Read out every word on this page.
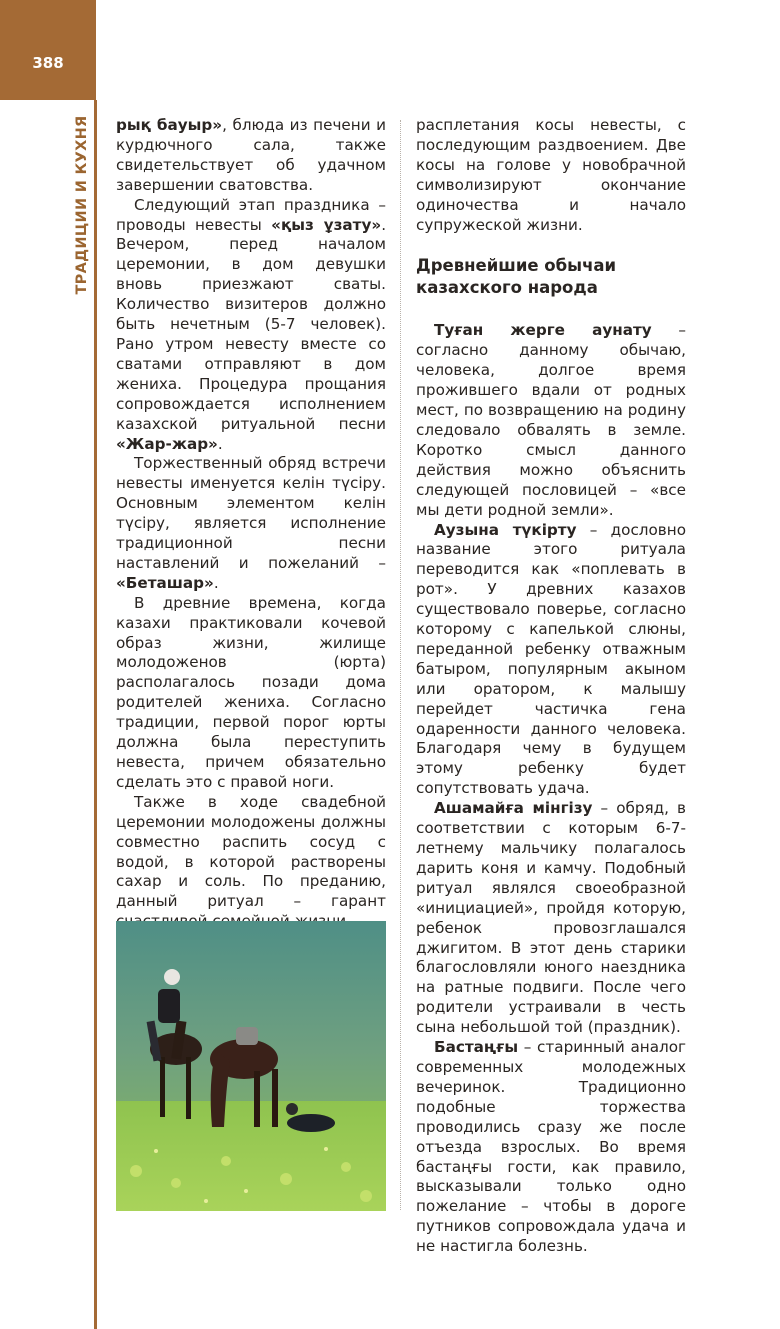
388
ТРАДИЦИИ И КУХНЯ рық бауыр», блюда из печени и курдючного сала, также свидетельствует об удачном завершении сватовства.

Следующий этап праздника – проводы невесты «қыз ұзату». Вечером, перед началом церемонии, в дом девушки вновь приезжают сваты. Количество визитеров должно быть нечетным (5-7 человек). Рано утром невесту вместе со сватами отправляют в дом жениха. Процедура прощания сопровождается исполнением казахской ритуальной песни «Жар-жар».

Торжественный обряд встречи невесты именуется келін түсіру. Основным элементом келін түсіру, является исполнение традиционной песни наставлений и пожеланий – «Беташар».

В древние времена, когда казахи практиковали кочевой образ жизни, жилище молодоженов (юрта) располагалось позади дома родителей жениха. Согласно традиции, первой порог юрты должна была переступить невеста, причем обязательно сделать это с правой ноги.

Также в ходе свадебной церемонии молодожены должны совместно распить сосуд с водой, в которой растворены сахар и соль. По преданию, данный ритуал – гарант

расплетания косы невесты, с последующим раздвоением. Две косы на голове у новобрачной символизируют окончание одиночества и начало супружеской жизни.

Древнейшие обычаи казахского народа

Туған жерге аунату – согласно данному обычаю, человека, долгое время прожившего вдали от родных мест, по возвращению на родину следовало обвалять в земле. Коротко смысл данного действия можно объяснить следующей пословицей – «все мы дети родной земли».

Аузына түкірту – дословно название этого ритуала переводится как «поплевать в рот». У древних казахов существовало поверье, согласно которому с капелькой слюны, переданной ребенку отважным батыром, популярным акыном или оратором, к малышу перейдет частичка гена одаренности данного человека. Благодаря чему в будущем этому ребенку будет сопутствовать удача.

Ашамайға мінгізу – обряд, в соответствии с которым 6-7-летнему мальчику полагалось дарить коня и камчу. Подобный ритуал являлся своеобразной «инициацией», пройдя которую, ребенок провозглашался джигитом. В этот день старики благословляли юного наездника на ратные подвиги. После чего родители устраивали в честь сына небольшой той (праздник).

Бастаңғы – старинный аналог современных молодежных вечеринок. Традиционно подобные торжества проводились сразу же после отъезда взрослых. Во время бастаңғы гости, как правило, высказывали только одно пожелание – чтобы в дороге путников сопровождала удача и не настигла болезнь.
